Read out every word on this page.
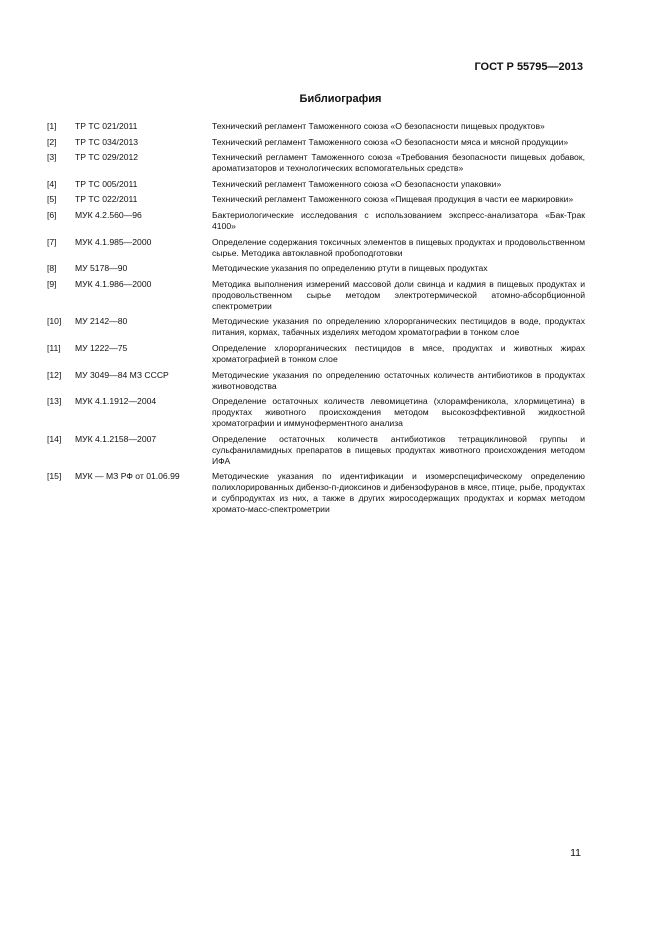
ГОСТ Р 55795—2013
Библиография
[1]	ТР ТС 021/2011	Технический регламент Таможенного союза «О безопасности пищевых продуктов»
[2]	ТР ТС 034/2013	Технический регламент Таможенного союза «О безопасности мяса и мясной продукции»
[3]	ТР ТС 029/2012	Технический регламент Таможенного союза «Требования безопасности пищевых добавок, ароматизаторов и технологических вспомогательных средств»
[4]	ТР ТС 005/2011	Технический регламент Таможенного союза «О безопасности упаковки»
[5]	ТР ТС 022/2011	Технический регламент Таможенного союза «Пищевая продукция в части ее маркировки»
[6]	МУК 4.2.560—96	Бактериологические исследования с использованием экспресс-анализатора «Бак-Трак 4100»
[7]	МУК 4.1.985—2000	Определение содержания токсичных элементов в пищевых продуктах и продовольственном сырье. Методика автоклавной пробоподготовки
[8]	МУ 5178—90	Методические указания по определению ртути в пищевых продуктах
[9]	МУК 4.1.986—2000	Методика выполнения измерений массовой доли свинца и кадмия в пищевых продуктах и продовольственном сырье методом электротермической атомно-абсорбционной спектрометрии
[10]	МУ 2142—80	Методические указания по определению хлорорганических пестицидов в воде, продуктах питания, кормах, табачных изделиях методом хроматографии в тонком слое
[11]	МУ 1222—75	Определение хлорорганических пестицидов в мясе, продуктах и животных жирах хроматографией в тонком слое
[12]	МУ 3049—84 МЗ СССР	Методические указания по определению остаточных количеств антибиотиков в продуктах животноводства
[13]	МУК 4.1.1912—2004	Определение остаточных количеств левомицетина (хлорамфеникола, хлормицетина) в продуктах животного происхождения методом высокоэффективной жидкостной хроматографии и иммуноферментного анализа
[14]	МУК 4.1.2158—2007	Определение остаточных количеств антибиотиков тетрациклиновой группы и сульфаниламидных препаратов в пищевых продуктах животного происхождения методом ИФА
[15]	МУК — МЗ РФ от 01.06.99	Методические указания по идентификации и изомерспецифическому определению полихлорированных дибензо-п-диоксинов и дибензофуранов в мясе, птице, рыбе, продуктах и субпродуктах из них, а также в других жиросодержащих продуктах и кормах методом хромато-масс-спектрометрии
11
